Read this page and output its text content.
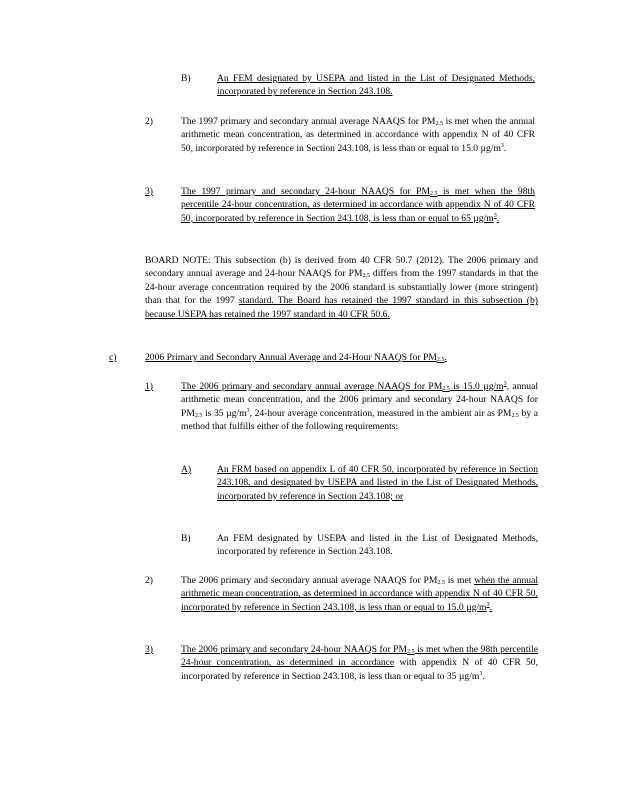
B)	An FEM designated by USEPA and listed in the List of Designated Methods, incorporated by reference in Section 243.108.
2)	The 1997 primary and secondary annual average NAAQS for $PM_{2.5}$ is met when the annual arithmetic mean concentration, as determined in accordance with appendix N of 40 CFR 50, incorporated by reference in Section 243.108, is less than or equal to 15.0 $\mu g/m^3$.
3)	The 1997 primary and secondary 24-hour NAAQS for $PM_{2.5}$ is met when the 98th percentile 24-hour concentration, as determined in accordance with appendix N of 40 CFR 50, incorporated by reference in Section 243.108, is less than or equal to 65 $\mu g/m^3$.
BOARD NOTE: This subsection (b) is derived from 40 CFR 50.7 (2012). The 2006 primary and secondary annual average and 24-hour NAAQS for $PM_{2.5}$ differs from the 1997 standards in that the 24-hour average concentration required by the 2006 standard is substantially lower (more stringent) than that for the 1997 standard. The Board has retained the 1997 standard in this subsection (b) because USEPA has retained the 1997 standard in 40 CFR 50.6.
c)	2006 Primary and Secondary Annual Average and 24-Hour NAAQS for $PM_{2.5}$.
1)	The 2006 primary and secondary annual average NAAQS for $PM_{2.5}$ is 15.0 $\mu g/m^3$, annual arithmetic mean concentration, and the 2006 primary and secondary 24-hour NAAQS for $PM_{2.5}$ is 35 $\mu g/m^3$, 24-hour average concentration, measured in the ambient air as $PM_{2.5}$ by a method that fulfills either of the following requirements:
A)	An FRM based on appendix L of 40 CFR 50, incorporated by reference in Section 243.108, and designated by USEPA and listed in the List of Designated Methods, incorporated by reference in Section 243.108; or
B)	An FEM designated by USEPA and listed in the List of Designated Methods, incorporated by reference in Section 243.108.
2)	The 2006 primary and secondary annual average NAAQS for $PM_{2.5}$ is met when the annual arithmetic mean concentration, as determined in accordance with appendix N of 40 CFR 50, incorporated by reference in Section 243.108, is less than or equal to 15.0 $\mu g/m^3$.
3)	The 2006 primary and secondary 24-hour NAAQS for $PM_{2.5}$ is met when the 98th percentile 24-hour concentration, as determined in accordance with appendix N of 40 CFR 50, incorporated by reference in Section 243.108, is less than or equal to 35 $\mu g/m^3$.
